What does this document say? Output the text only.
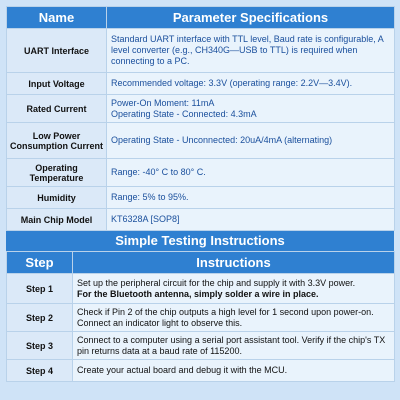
Name	Parameter Specifications
UART Interface	Standard UART interface with TTL level, Baud rate is configurable, A level converter (e.g., CH340G—USB to TTL) is required when connecting to a PC.
Input Voltage	Recommended voltage: 3.3V (operating range: 2.2V—3.4V).
Rated Current	Power-On Moment: 11mA
Operating State - Connected: 4.3mA

Low Power Consumption Current	Operating State - Unconnected: 20uA/4mA (alternating)
Operating Temperature	Range: -40° C to 80° C.
Humidity	Range: 5% to 95%.
Main Chip Model	KT6328A [SOP8]
Simple Testing Instructions
Step	Instructions
Step 1	Set up the peripheral circuit for the chip and supply it with 3.3V power.
For the Bluetooth antenna, simply solder a wire in place.

Step 2	Check if Pin 2 of the chip outputs a high level for 1 second upon power-on. Connect an indicator light to observe this.
Step 3	Connect to a computer using a serial port assistant tool. Verify if the chip's TX pin returns data at a baud rate of 115200.
Step 4	Create your actual board and debug it with the MCU.
